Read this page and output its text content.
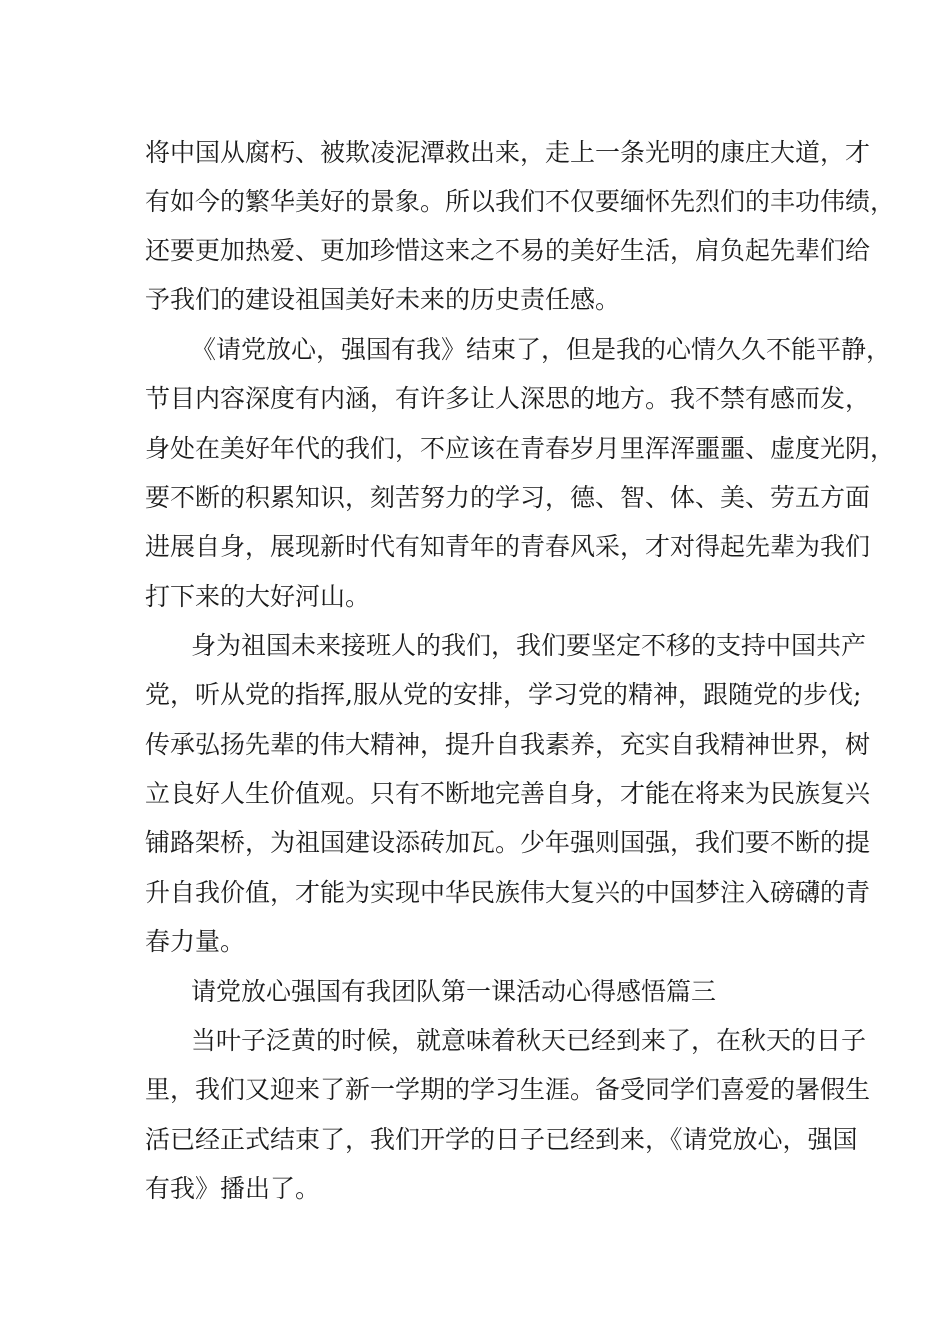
将中国从腐朽、被欺凌泥潭救出来，走上一条光明的康庄大道，才

有如今的繁华美好的景象。所以我们不仅要缅怀先烈们的丰功伟绩，

还要更加热爱、更加珍惜这来之不易的美好生活，肩负起先辈们给

予我们的建设祖国美好未来的历史责任感。

《请党放心，强国有我》结束了，但是我的心情久久不能平静，

节目内容深度有内涵，有许多让人深思的地方。我不禁有感而发，

身处在美好年代的我们，不应该在青春岁月里浑浑噩噩、虚度光阴，

要不断的积累知识，刻苦努力的学习，德、智、体、美、劳五方面

进展自身，展现新时代有知青年的青春风采，才对得起先辈为我们

打下来的大好河山。

身为祖国未来接班人的我们，我们要坚定不移的支持中国共产

党，听从党的指挥,服从党的安排，学习党的精神，跟随党的步伐;

传承弘扬先辈的伟大精神，提升自我素养，充实自我精神世界，树

立良好人生价值观。只有不断地完善自身，才能在将来为民族复兴

铺路架桥，为祖国建设添砖加瓦。少年强则国强，我们要不断的提

升自我价值，才能为实现中华民族伟大复兴的中国梦注入磅礴的青

春力量。

请党放心强国有我团队第一课活动心得感悟篇三

当叶子泛黄的时候，就意味着秋天已经到来了，在秋天的日子

里，我们又迎来了新一学期的学习生涯。备受同学们喜爱的暑假生

活已经正式结束了，我们开学的日子已经到来，《请党放心，强国

有我》播出了。
